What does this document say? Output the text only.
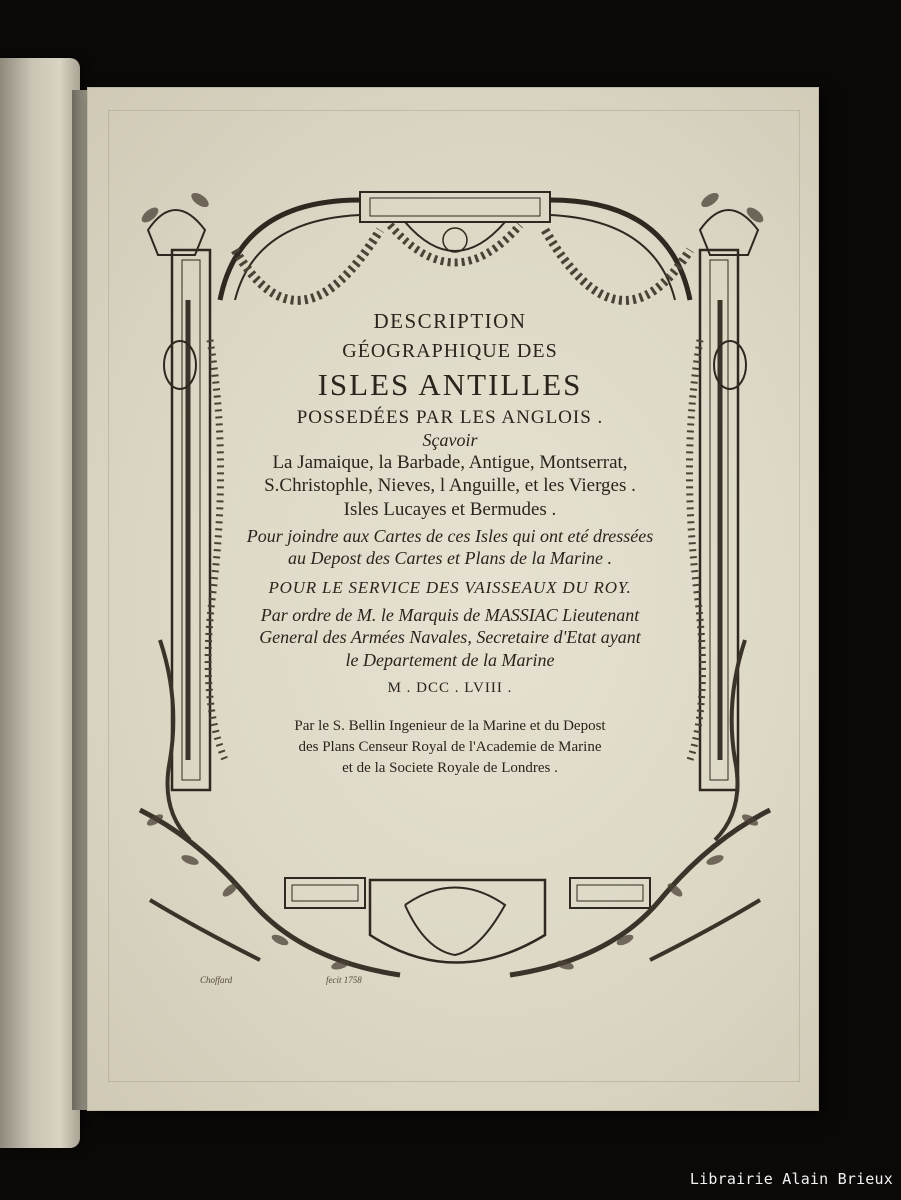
DESCRIPTION
GÉOGRAPHIQUE DES
ISLES ANTILLES
POSSEDÉES PAR LES ANGLOIS .
Sçavoir
La Jamaique, la Barbade, Antigue, Montserrat,
S.Christophle, Nieves, l Anguille, et les Vierges .
Isles Lucayes et Bermudes .
Pour joindre aux Cartes de ces Isles qui ont eté dressées
au Depost des Cartes et Plans de la Marine .
POUR LE SERVICE DES VAISSEAUX DU ROY.
Par ordre de M. le Marquis de MASSIAC Lieutenant
General des Armées Navales, Secretaire d'Etat ayant
le Departement de la Marine
M . DCC . LVIII .
Par le S. Bellin Ingenieur de la Marine et du Depost
des Plans Censeur Royal de l'Academie de Marine
et de la Societe Royale de Londres .
Choffard	fecit 1758
Librairie Alain Brieux
